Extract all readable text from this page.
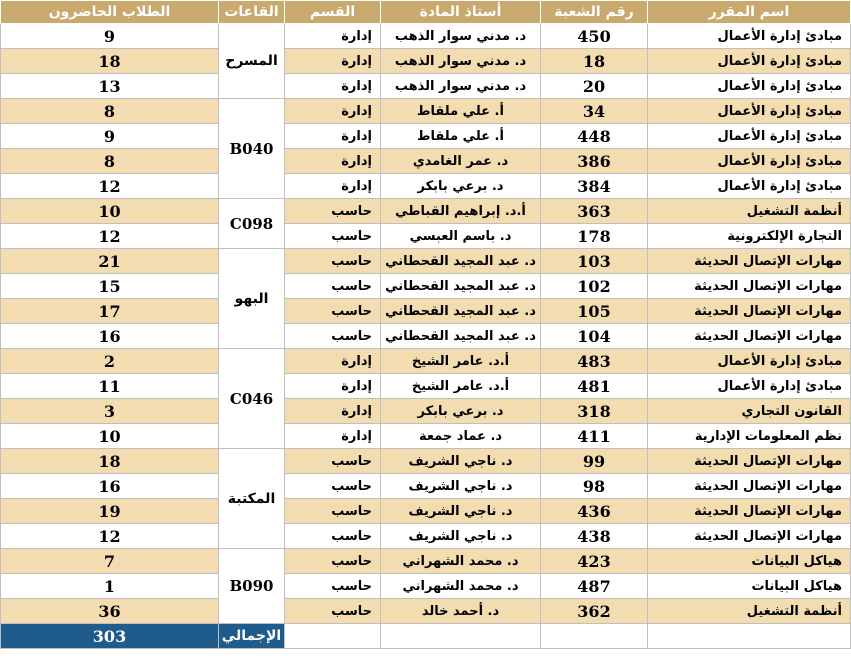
اسم المقرر	رقم الشعبة	أستاذ المادة	القسم	القاعات	الطلاب الحاضرون
مبادئ إدارة الأعمال	450	د. مدني سوار الذهب	إدارة	المسرح	9
مبادئ إدارة الأعمال	18	د. مدني سوار الذهب	إدارة		18
مبادئ إدارة الأعمال	20	د. مدني سوار الذهب	إدارة		13
مبادئ إدارة الأعمال	34	أ. علي ملقاط	إدارة	B040	8
مبادئ إدارة الأعمال	448	أ. علي ملقاط	إدارة		9
مبادئ إدارة الأعمال	386	د. عمر الغامدي	إدارة		8
مبادئ إدارة الأعمال	384	د. برعي بابكر	إدارة		12
أنظمة التشغيل	363	أ.د. إبراهيم القباطي	حاسب	C098	10
التجارة الإلكترونية	178	د. باسم العبسي	حاسب		12
مهارات الإتصال الحديثة	103	د. عبد المجيد القحطاني	حاسب	البهو	21
مهارات الإتصال الحديثة	102	د. عبد المجيد القحطاني	حاسب		15
مهارات الإتصال الحديثة	105	د. عبد المجيد القحطاني	حاسب		17
مهارات الإتصال الحديثة	104	د. عبد المجيد القحطاني	حاسب		16
مبادئ إدارة الأعمال	483	أ.د. عامر الشيخ	إدارة	C046	2
مبادئ إدارة الأعمال	481	أ.د. عامر الشيخ	إدارة		11
القانون التجاري	318	د. برعي بابكر	إدارة		3
نظم المعلومات الإدارية	411	د. عماد جمعة	إدارة		10
مهارات الإتصال الحديثة	99	د. ناجي الشريف	حاسب	المكتبة	18
مهارات الإتصال الحديثة	98	د. ناجي الشريف	حاسب		16
مهارات الإتصال الحديثة	436	د. ناجي الشريف	حاسب		19
مهارات الإتصال الحديثة	438	د. ناجي الشريف	حاسب		12
هياكل البيانات	423	د. محمد الشهراني	حاسب	B090	7
هياكل البيانات	487	د. محمد الشهراني	حاسب		1
أنظمة التشغيل	362	د. أحمد خالد	حاسب		36
				الإجمالي	303
